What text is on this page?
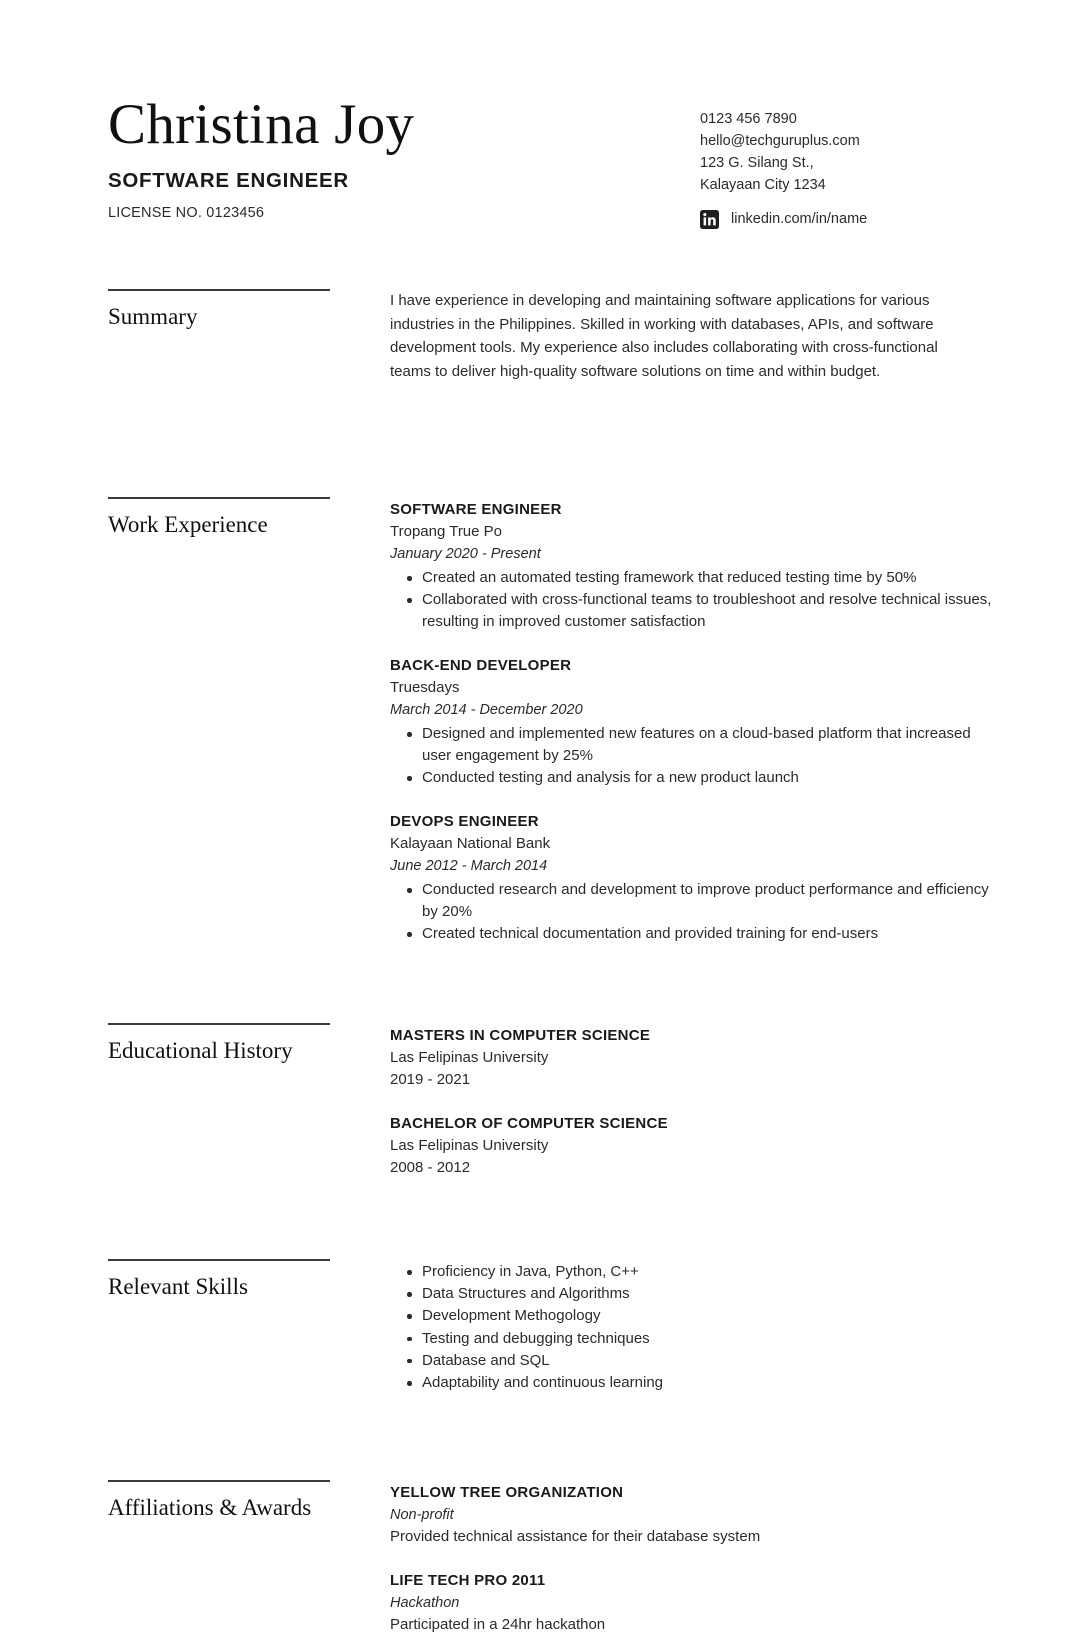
Christina Joy
SOFTWARE ENGINEER
LICENSE NO. 0123456
0123 456 7890
hello@techguruplus.com
123 G. Silang St.,
Kalayaan City 1234
linkedin.com/in/name
Summary
I have experience in developing and maintaining software applications for various industries in the Philippines. Skilled in working with databases, APIs, and software development tools. My experience also includes collaborating with cross-functional teams to deliver high-quality software solutions on time and within budget.
Work Experience
SOFTWARE ENGINEER
Tropang True Po
January 2020 - Present
Created an automated testing framework that reduced testing time by 50%
Collaborated with cross-functional teams to troubleshoot and resolve technical issues, resulting in improved customer satisfaction
BACK-END DEVELOPER
Truesdays
March 2014 - December 2020
Designed and implemented new features on a cloud-based platform that increased user engagement by 25%
Conducted testing and analysis for a new product launch
DEVOPS ENGINEER
Kalayaan National Bank
June 2012 - March 2014
Conducted research and development to improve product performance and efficiency by 20%
Created technical documentation and provided training for end-users
Educational History
MASTERS IN COMPUTER SCIENCE
Las Felipinas University
2019 - 2021
BACHELOR OF COMPUTER SCIENCE
Las Felipinas University
2008 - 2012
Relevant Skills
Proficiency in Java, Python, C++
Data Structures and Algorithms
Development Methogology
Testing and debugging techniques
Database and SQL
Adaptability and continuous learning
Affiliations & Awards
YELLOW TREE ORGANIZATION
Non-profit
Provided technical assistance for their database system
LIFE TECH PRO 2011
Hackathon
Participated in a 24hr hackathon
